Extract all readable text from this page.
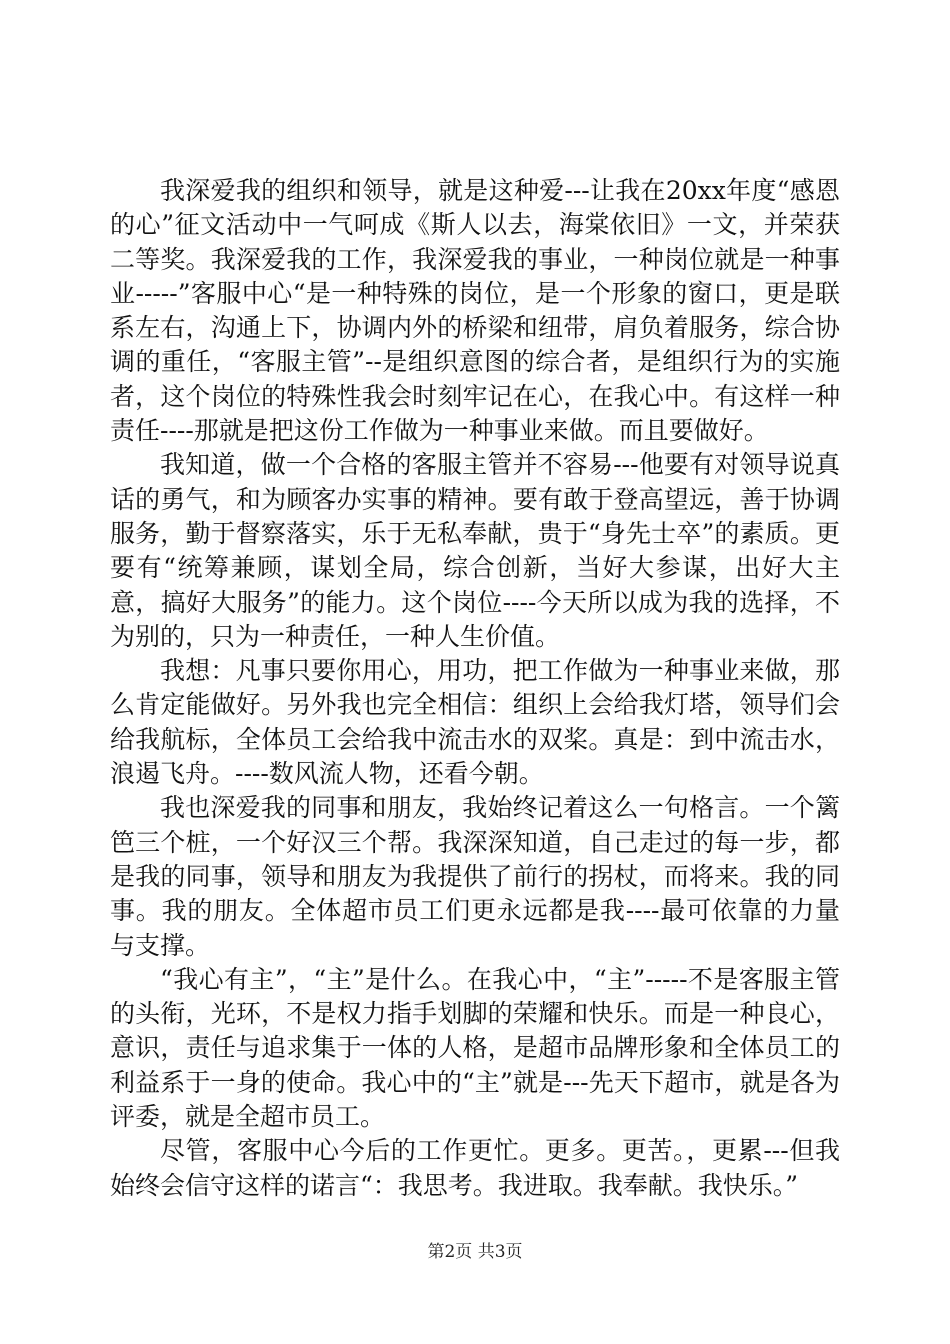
我深爱我的组织和领导，就是这种爱---让我在20xx年度“感恩的心”征文活动中一气呵成《斯人以去，海棠依旧》一文，并荣获二等奖。我深爱我的工作，我深爱我的事业，一种岗位就是一种事业-----”客服中心“是一种特殊的岗位，是一个形象的窗口，更是联系左右，沟通上下，协调内外的桥梁和纽带，肩负着服务，综合协调的重任，“客服主管”--是组织意图的综合者，是组织行为的实施者，这个岗位的特殊性我会时刻牢记在心，在我心中。有这样一种责任----那就是把这份工作做为一种事业来做。而且要做好。

我知道，做一个合格的客服主管并不容易---他要有对领导说真话的勇气，和为顾客办实事的精神。要有敢于登高望远，善于协调服务，勤于督察落实，乐于无私奉献，贵于“身先士卒”的素质。更要有“统筹兼顾，谋划全局，综合创新，当好大参谋，出好大主意，搞好大服务”的能力。这个岗位----今天所以成为我的选择，不为别的，只为一种责任，一种人生价值。

我想：凡事只要你用心，用功，把工作做为一种事业来做，那么肯定能做好。另外我也完全相信：组织上会给我灯塔，领导们会给我航标，全体员工会给我中流击水的双桨。真是：到中流击水，浪遏飞舟。----数风流人物，还看今朝。

我也深爱我的同事和朋友，我始终记着这么一句格言。一个篱笆三个桩，一个好汉三个帮。我深深知道，自己走过的每一步，都是我的同事，领导和朋友为我提供了前行的拐杖，而将来。我的同事。我的朋友。全体超市员工们更永远都是我----最可依靠的力量与支撑。

“我心有主”，“主”是什么。在我心中，“主”-----不是客服主管的头衔，光环，不是权力指手划脚的荣耀和快乐。而是一种良心，意识，责任与追求集于一体的人格，是超市品牌形象和全体员工的利益系于一身的使命。我心中的“主”就是---先天下超市，就是各为评委，就是全超市员工。

尽管，客服中心今后的工作更忙。更多。更苦。，更累---但我始终会信守这样的诺言“：我思考。我进取。我奉献。我快乐。”

第2页 共3页
